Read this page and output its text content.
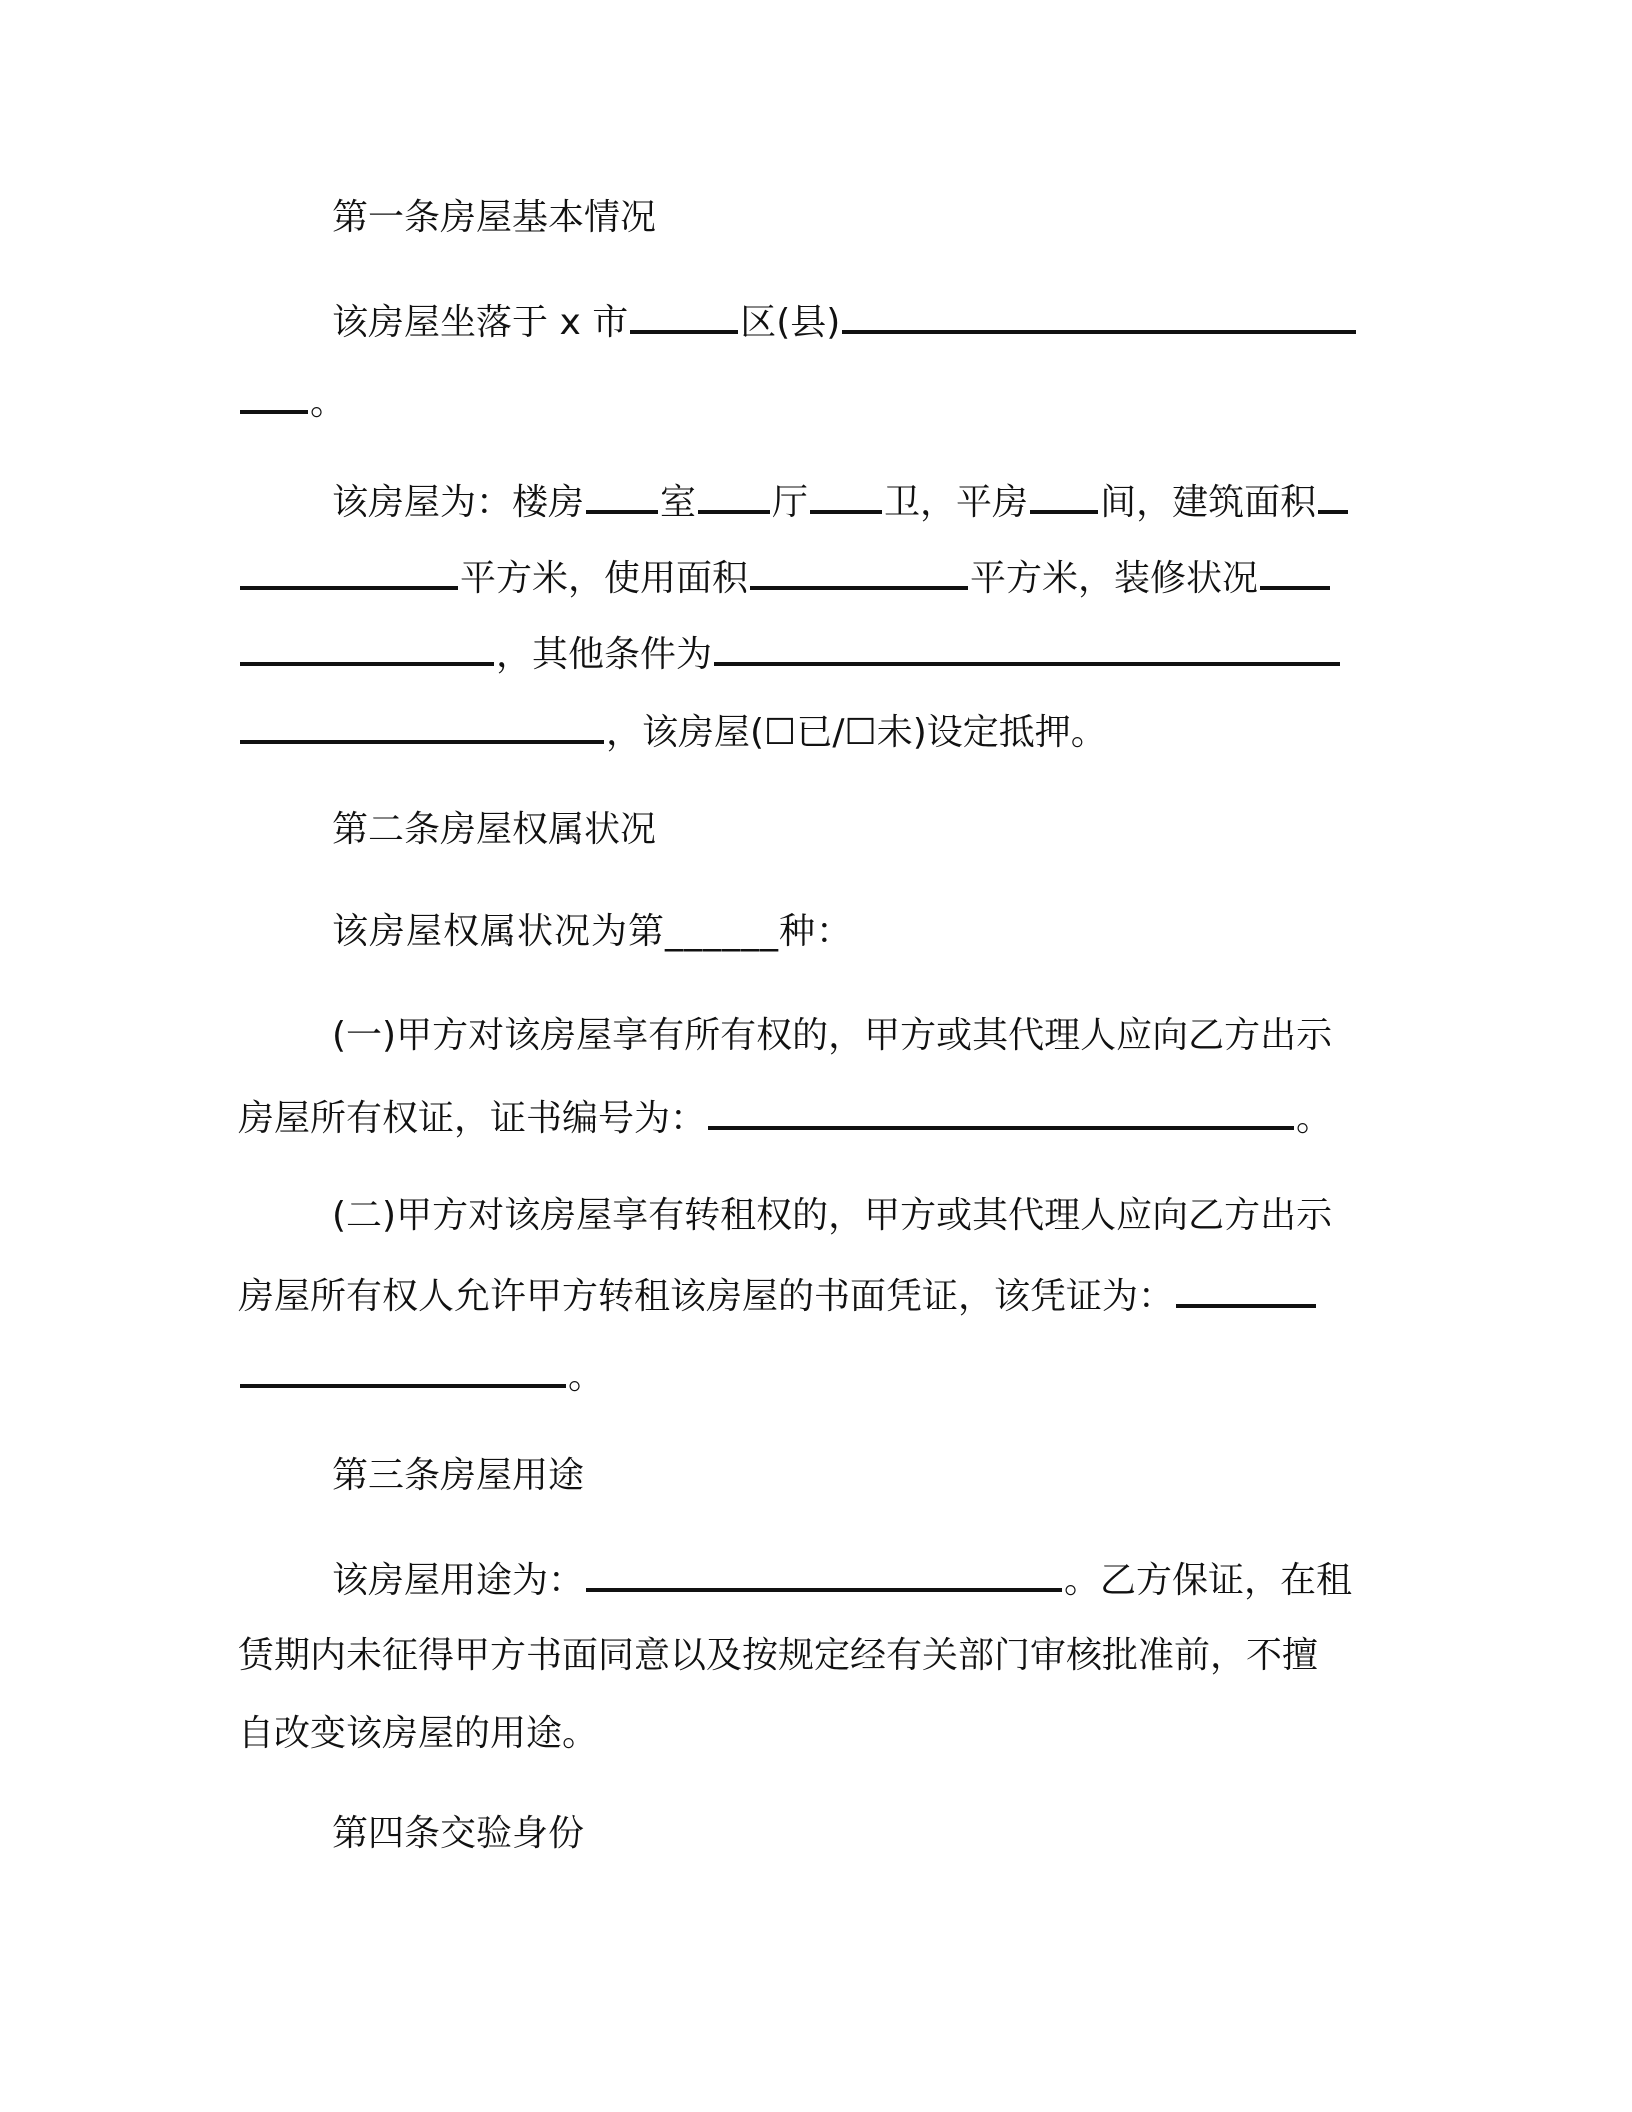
第一条房屋基本情况
该房屋坐落于 x 市	区(县)
。
该房屋为：楼房 室 厅 卫，平房 间，建筑面积
平方米，使用面积	平方米，装修状况
，其他条件为
，该房屋(☐已/☐未)设定抵押。
第二条房屋权属状况
该房屋权属状况为第______种：
(一)甲方对该房屋享有所有权的，甲方或其代理人应向乙方出示
房屋所有权证，证书编号为：	。
(二)甲方对该房屋享有转租权的，甲方或其代理人应向乙方出示
房屋所有权人允许甲方转租该房屋的书面凭证，该凭证为：
。
第三条房屋用途
该房屋用途为：	。乙方保证，在租
赁期内未征得甲方书面同意以及按规定经有关部门审核批准前，不擅
自改变该房屋的用途。
第四条交验身份
